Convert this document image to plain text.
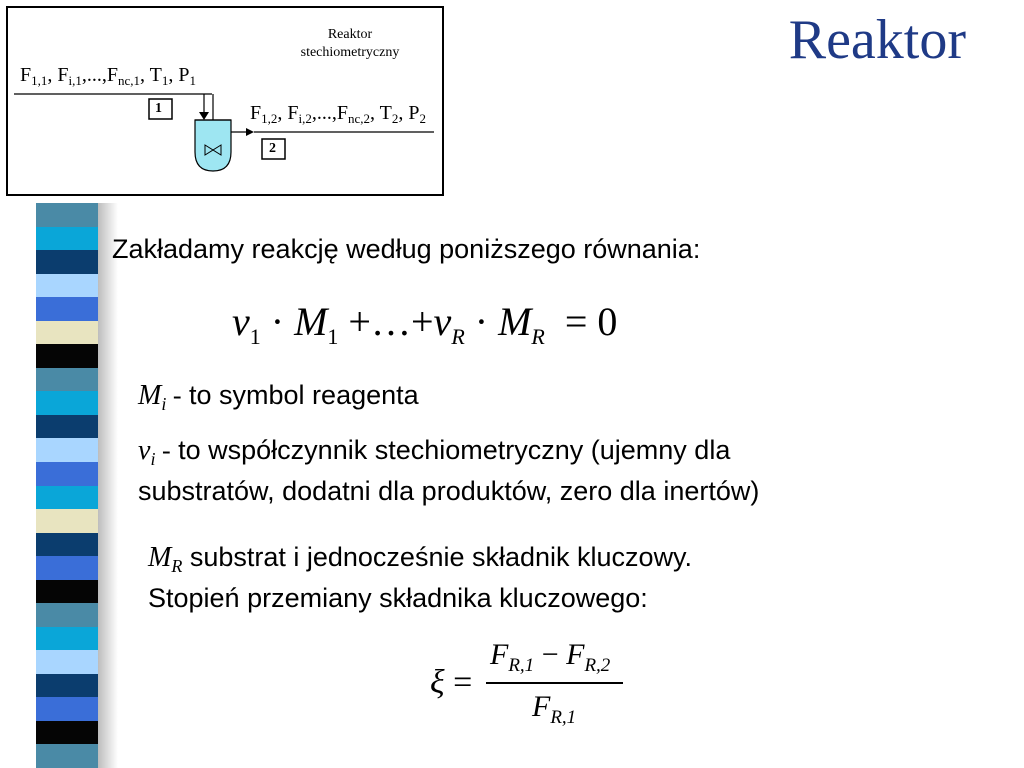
Reaktor
stechiometryczny
1
2
$F_{1,1}$, $F_{i,1},...,F_{nc,1}$, $T_1$, $P_1$
$F_{1,2}$, $F_{i,2},...,F_{nc,2}$, $T_2$, $P_2$
Reaktor
Zakładamy reakcję według poniższego równania:
$\nu_1 \cdot M_1$ $+\dots+\nu_R \cdot M_R = 0$
$M_i$ - to symbol reagenta
$\nu_i$ - to współczynnik stechiometryczny (ujemny dla
substratów, dodatni dla produktów, zero dla inertów)
$M_R$ substrat i jednocześnie składnik kluczowy.
Stopień przemiany składnika kluczowego:
ξ =
$F_{R,1} - F_{R,2}$
$F_{R,1}$
